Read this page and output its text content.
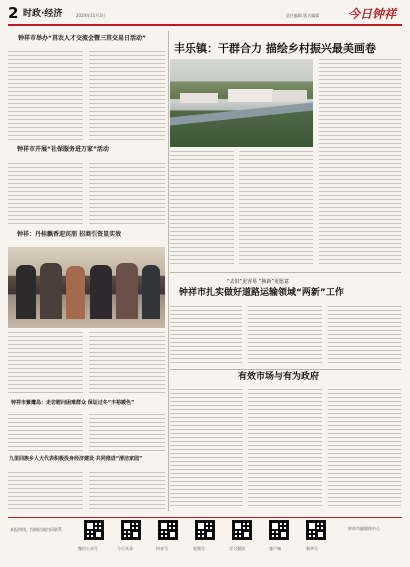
2 时政·经济	2024年11月3日	责任编辑 版式编辑 今日钟祥
钟祥市举办“莒农人才交流会暨三莒交易日活动”
钟祥市开展“社保服务进万家”活动
钟祥：丹桂飘香迎宾朋 招商引资显实效
钟祥市紫鹰岛：走访慰问困难群众 保证过冬“丰裕暖色”
九里回族乡人大代表积极投身经济建设 共同推进“清洁家园”
丰乐镇：干群合力 描绘乡村振兴最美画卷
“去旧”更容易 “换新”更愿意
钟祥市扎实做好道路运输领域“两新”工作
有效市场与有为政府
本报热线、投稿信箱扫码联系
微信公众号	今日头条	抖音号	视频号	学习强国	客户端	新华号
钟祥市融媒体中心
